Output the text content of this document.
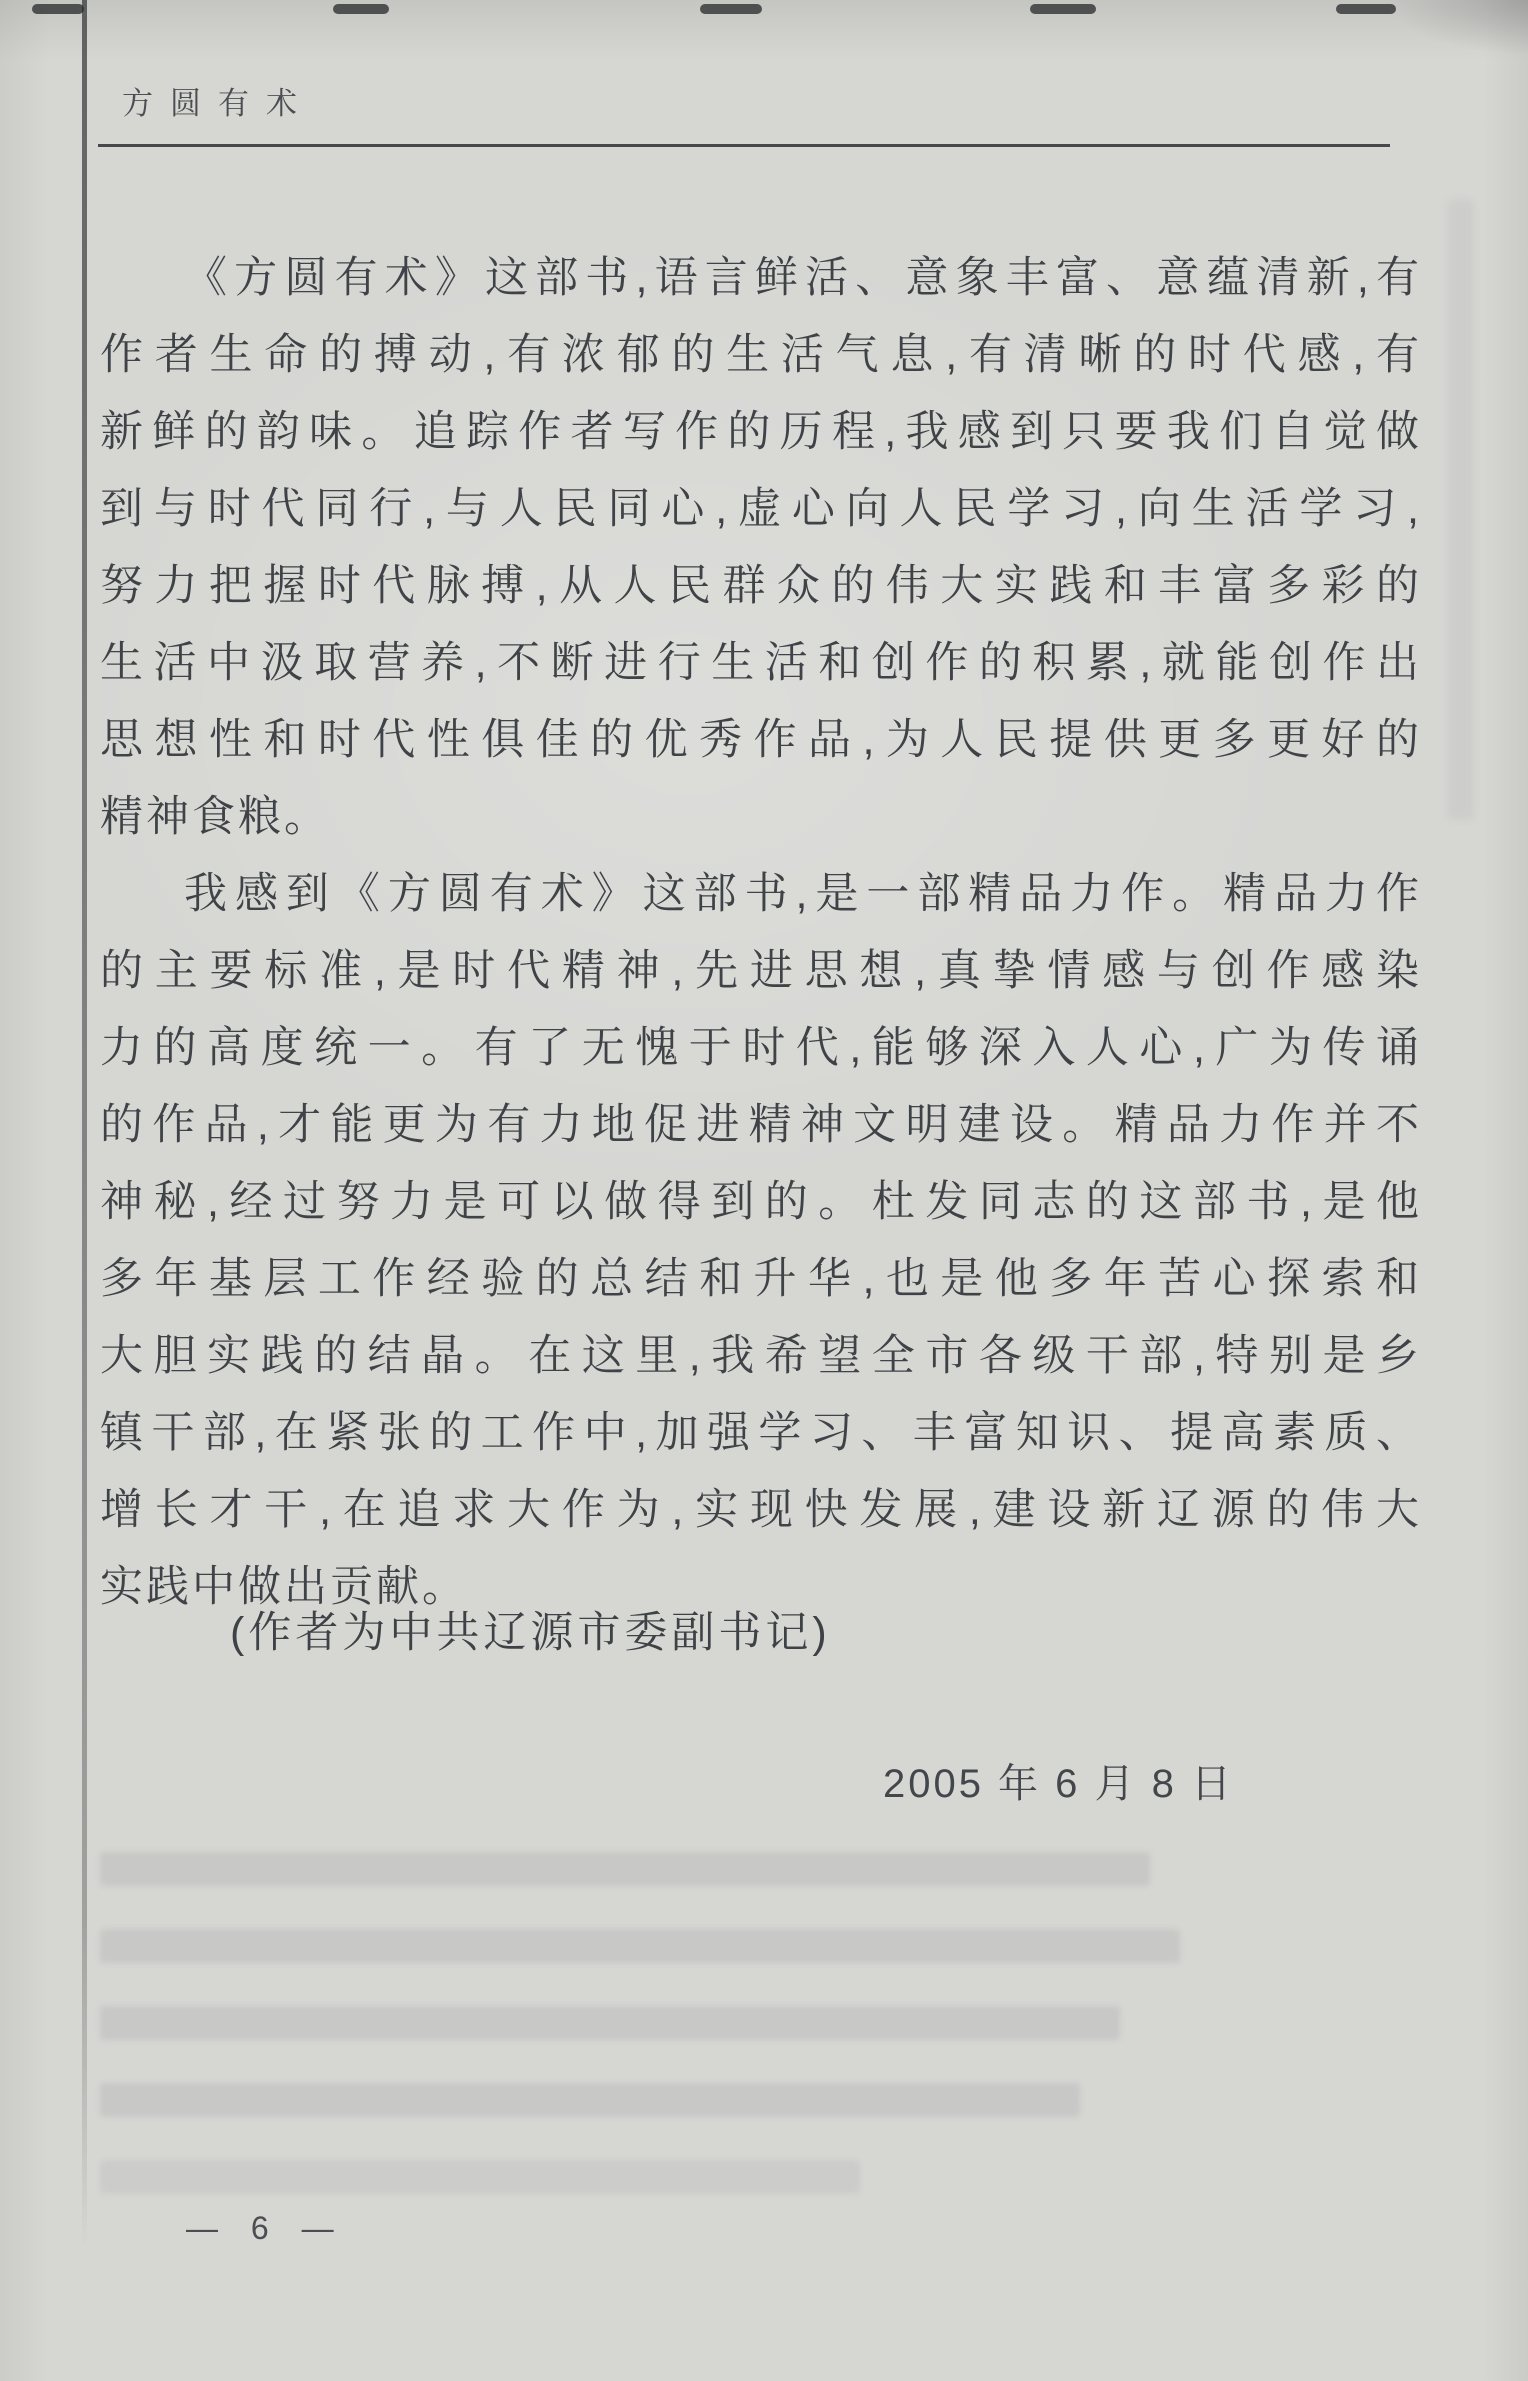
方圆有术
《方圆有术》这部书,语言鲜活、意象丰富、意蕴清新,有
作者生命的搏动,有浓郁的生活气息,有清晰的时代感,有
新鲜的韵味。追踪作者写作的历程,我感到只要我们自觉做
到与时代同行,与人民同心,虚心向人民学习,向生活学习,
努力把握时代脉搏,从人民群众的伟大实践和丰富多彩的
生活中汲取营养,不断进行生活和创作的积累,就能创作出
思想性和时代性俱佳的优秀作品,为人民提供更多更好的
精神食粮。
我感到《方圆有术》这部书,是一部精品力作。精品力作
的主要标准,是时代精神,先进思想,真挚情感与创作感染
力的高度统一。有了无愧于时代,能够深入人心,广为传诵
的作品,才能更为有力地促进精神文明建设。精品力作并不
神秘,经过努力是可以做得到的。杜发同志的这部书,是他
多年基层工作经验的总结和升华,也是他多年苦心探索和
大胆实践的结晶。在这里,我希望全市各级干部,特别是乡
镇干部,在紧张的工作中,加强学习、丰富知识、提高素质、
增长才干,在追求大作为,实现快发展,建设新辽源的伟大
实践中做出贡献。
(作者为中共辽源市委副书记)
2005 年 6 月 8 日
— 6 —
